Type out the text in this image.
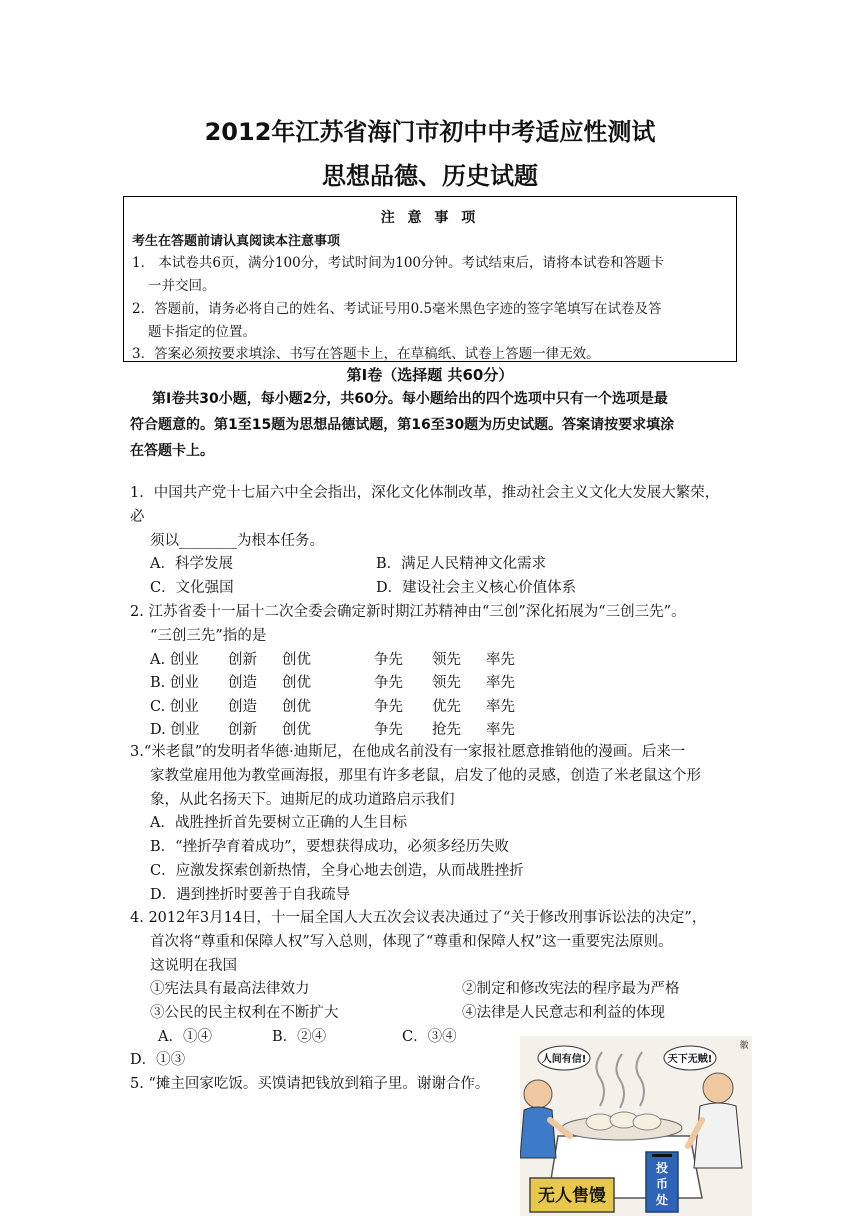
2012年江苏省海门市初中中考适应性测试
思想品德、历史试题
注 意 事 项
考生在答题前请认真阅读本注意事项
1． 本试卷共6页，满分100分，考试时间为100分钟。考试结束后，请将本试卷和答题卡
一并交回。
2．答题前，请务必将自己的姓名、考试证号用0.5毫米黑色字迹的签字笔填写在试卷及答
题卡指定的位置。
3．答案必须按要求填涂、书写在答题卡上，在草稿纸、试卷上答题一律无效。
第Ⅰ卷（选择题 共60分）
第Ⅰ卷共30小题，每小题2分，共60分。每小题给出的四个选项中只有一个选项是最
符合题意的。第1至15题为思想品德试题，第16至30题为历史试题。答案请按要求填涂
在答题卡上。
1．中国共产党十七届六中全会指出，深化文化体制改革，推动社会主义文化大发展大繁荣，
必
须以________为根本任务。
A．科学发展	B．满足人民精神文化需求
C．文化强国	D．建设社会主义核心价值体系
2. 江苏省委十一届十二次全委会确定新时期江苏精神由“三创”深化拓展为“三创三先”。
“三创三先”指的是
A. 创业 创新 创优	争先 领先 率先
B. 创业 创造 创优	争先 领先 率先
C. 创业 创造 创优	争先 优先 率先
D. 创业 创新 创优	争先 抢先 率先
3.“米老鼠”的发明者华德·迪斯尼，在他成名前没有一家报社愿意推销他的漫画。后来一
家教堂雇用他为教堂画海报，那里有许多老鼠，启发了他的灵感，创造了米老鼠这个形
象，从此名扬天下。迪斯尼的成功道路启示我们
A．战胜挫折首先要树立正确的人生目标
B．“挫折孕育着成功”，要想获得成功，必须多经历失败
C．应激发探索创新热情，全身心地去创造，从而战胜挫折
D．遇到挫折时要善于自我疏导
4. 2012年3月14日，十一届全国人大五次会议表决通过了“关于修改刑事诉讼法的决定”，
首次将“尊重和保障人权”写入总则，体现了“尊重和保障人权”这一重要宪法原则。
这说明在我国
①宪法具有最高法律效力	②制定和修改宪法的程序最为严格
③公民的民主权利在不断扩大	④法律是人民意志和利益的体现
A．①④	B．②④	C．③④
D．①③
5. “摊主回家吃饭。买馍请把钱放到箱子里。谢谢合作。
无人售馒
投
币
处
人间有信!	天下无贼!
徽
